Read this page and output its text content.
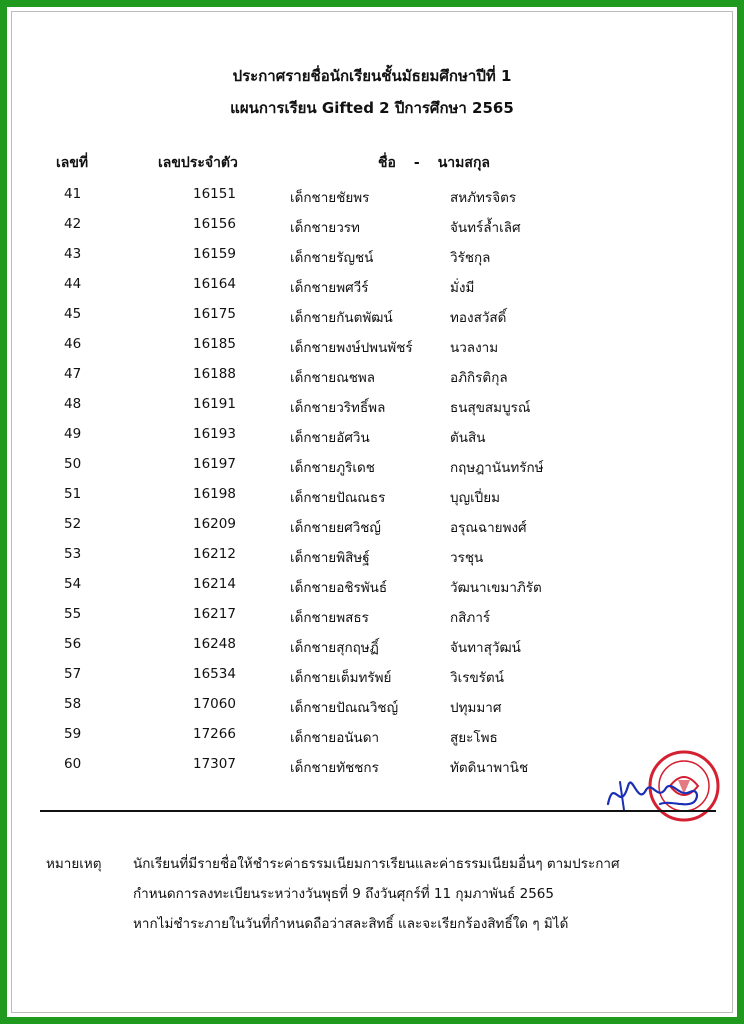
ประกาศรายชื่อนักเรียนชั้นมัธยมศึกษาปีที่ 1
แผนการเรียน Gifted 2 ปีการศึกษา 2565
เลขที่	เลขประจำตัว	ชื่อ - นามสกุล
41	16151	เด็กชายชัยพร	สหภัทรจิตร
42	16156	เด็กชายวรท	จันทร์ล้ำเลิศ
43	16159	เด็กชายรัญชน์	วิรัชกุล
44	16164	เด็กชายพศวีร์	มั่งมี
45	16175	เด็กชายกันตพัฒน์	ทองสวัสดิ์
46	16185	เด็กชายพงษ์ปพนพัชร์	นวลงาม
47	16188	เด็กชายณชพล	อภิกิรติกุล
48	16191	เด็กชายวริทธิ์พล	ธนสุขสมบูรณ์
49	16193	เด็กชายอัศวิน	ตันสิน
50	16197	เด็กชายภูริเดช	กฤษฎานันทรักษ์
51	16198	เด็กชายปัณณธร	บุญเปี่ยม
52	16209	เด็กชายยศวิชญ์	อรุณฉายพงศ์
53	16212	เด็กชายพิสิษฐ์	วรชุน
54	16214	เด็กชายอชิรพันธ์	วัฒนาเขมาภิรัต
55	16217	เด็กชายพสธร	กสิภาร์
56	16248	เด็กชายสุกฤษฏิ์	จันทาสุวัฒน์
57	16534	เด็กชายเต็มทรัพย์	วิเรขรัตน์
58	17060	เด็กชายปัณณวิชญ์	ปทุมมาศ
59	17266	เด็กชายอนันดา	สูยะโพธ
60	17307	เด็กชายทัชชกร	ทัตดินาพานิช
หมายเหตุ นักเรียนที่มีรายชื่อให้ชำระค่าธรรมเนียมการเรียนและค่าธรรมเนียมอื่นๆ ตามประกาศ
กำหนดการลงทะเบียนระหว่างวันพุธที่ 9 ถึงวันศุกร์ที่ 11 กุมภาพันธ์ 2565
หากไม่ชำระภายในวันที่กำหนดถือว่าสละสิทธิ์ และจะเรียกร้องสิทธิ์ใด ๆ มิได้
